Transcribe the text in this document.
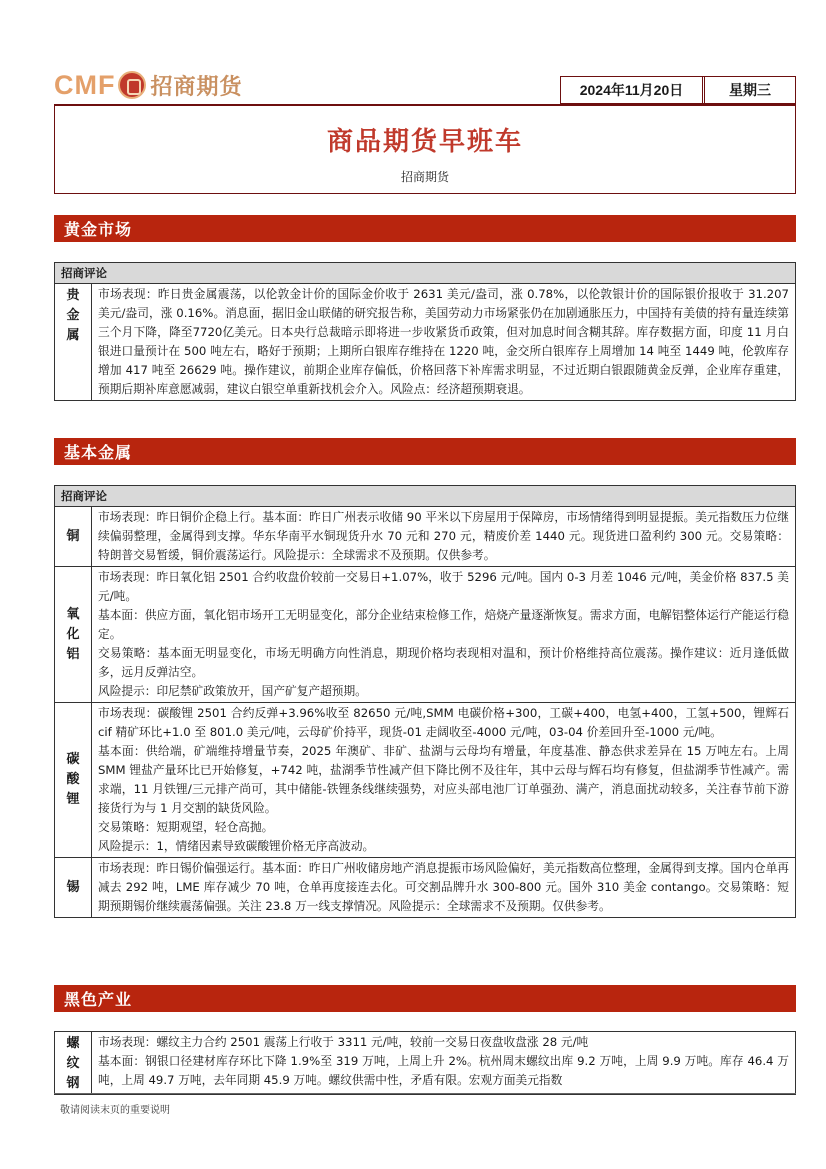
CMF 招商期货	2024年11月20日	星期三
商品期货早班车
招商期货
黄金市场
招商评论
贵
金
属

市场表现：昨日贵金属震荡，以伦敦金计价的国际金价收于 2631 美元/盎司，涨 0.78%，以伦敦银计价的国际银价报收于 31.207 美元/盎司，涨 0.16%。消息面，据旧金山联储的研究报告称，美国劳动力市场紧张仍在加剧通胀压力，中国持有美债的持有量连续第三个月下降，降至7720亿美元。日本央行总裁暗示即将进一步收紧货币政策，但对加息时间含糊其辞。库存数据方面，印度 11 月白银进口量预计在 500 吨左右，略好于预期；上期所白银库存维持在 1220 吨，金交所白银库存上周增加 14 吨至 1449 吨，伦敦库存增加 417 吨至 26629 吨。操作建议，前期企业库存偏低，价格回落下补库需求明显，不过近期白银跟随黄金反弹，企业库存重建，预期后期补库意愿减弱，建议白银空单重新找机会介入。风险点：经济超预期衰退。

基本金属
招商评论
铜

市场表现：昨日铜价企稳上行。基本面：昨日广州表示收储 90 平米以下房屋用于保障房，市场情绪得到明显提振。美元指数压力位继续偏弱整理，金属得到支撑。华东华南平水铜现货升水 70 元和 270 元，精废价差 1440 元。现货进口盈利约 300 元。交易策略：特朗普交易暂缓，铜价震荡运行。风险提示：全球需求不及预期。仅供参考。

氧
化
铝

市场表现：昨日氧化铝 2501 合约收盘价较前一交易日+1.07%，收于 5296 元/吨。国内 0-3 月差 1046 元/吨，美金价格 837.5 美元/吨。

基本面：供应方面，氧化铝市场开工无明显变化，部分企业结束检修工作，焙烧产量逐渐恢复。需求方面，电解铝整体运行产能运行稳定。

交易策略：基本面无明显变化，市场无明确方向性消息，期现价格均表现相对温和，预计价格维持高位震荡。操作建议：近月逢低做多，远月反弹沽空。

风险提示：印尼禁矿政策放开，国产矿复产超预期。

碳
酸
锂

市场表现：碳酸锂 2501 合约反弹+3.96%收至 82650 元/吨,SMM 电碳价格+300，工碳+400，电氢+400，工氢+500，锂辉石 cif 精矿环比+1.0 至 801.0 美元/吨，云母矿价持平，现货-01 走阔收至-4000 元/吨，03-04 价差回升至-1000 元/吨。

基本面：供给端，矿端维持增量节奏，2025 年澳矿、非矿、盐湖与云母均有增量，年度基准、静态供求差异在 15 万吨左右。上周 SMM 锂盐产量环比已开始修复，+742 吨，盐湖季节性减产但下降比例不及往年，其中云母与辉石均有修复，但盐湖季节性减产。需求端，11 月铁锂/三元排产尚可，其中储能-铁锂条线继续强势，对应头部电池厂订单强劲、满产，消息面扰动较多，关注春节前下游接货行为与 1 月交割的缺货风险。

交易策略：短期观望，轻仓高抛。

风险提示：1，情绪因素导致碳酸锂价格无序高波动。

锡

市场表现：昨日锡价偏强运行。基本面：昨日广州收储房地产消息提振市场风险偏好，美元指数高位整理，金属得到支撑。国内仓单再减去 292 吨，LME 库存减少 70 吨，仓单再度接连去化。可交割品牌升水 300-800 元。国外 310 美金 contango。交易策略：短期预期锡价继续震荡偏强。关注 23.8 万一线支撑情况。风险提示：全球需求不及预期。仅供参考。

黑色产业
螺
纹
钢

市场表现：螺纹主力合约 2501 震荡上行收于 3311 元/吨，较前一交易日夜盘收盘涨 28 元/吨

基本面：钢银口径建材库存环比下降 1.9%至 319 万吨，上周上升 2%。杭州周末螺纹出库 9.2 万吨，上周 9.9 万吨。库存 46.4 万吨，上周 49.7 万吨，去年同期 45.9 万吨。螺纹供需中性，矛盾有限。宏观方面美元指数

敬请阅读末页的重要说明
